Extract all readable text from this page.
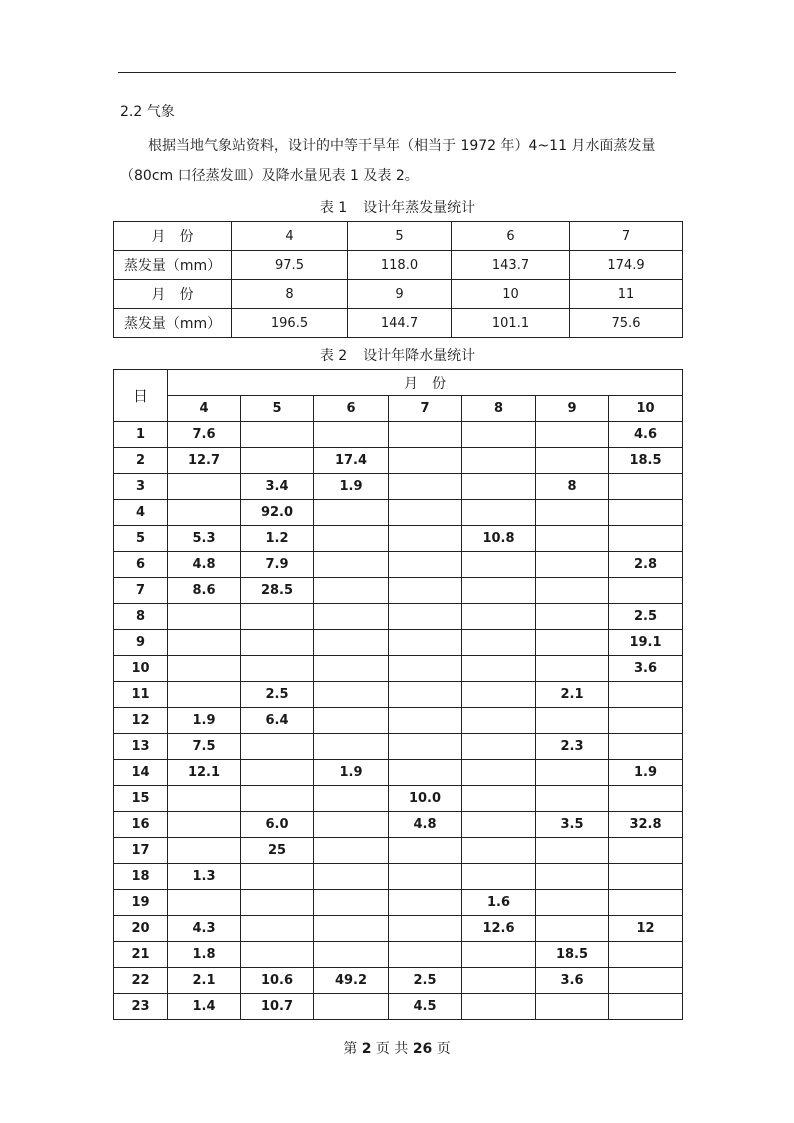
2.2 气象
根据当地气象站资料，设计的中等干旱年（相当于 1972 年）4~11 月水面蒸发量（80cm 口径蒸发皿）及降水量见表 1 及表 2。
表 1 设计年蒸发量统计
月　份	4	5	6	7
蒸发量（mm）	97.5	118.0	143.7	174.9
月　份	8	9	10	11
蒸发量（mm）	196.5	144.7	101.1	75.6
表 2 设计年降水量统计
日	月　份						
	4	5	6	7	8	9	10
1	7.6						4.6
2	12.7		17.4				18.5
3		3.4	1.9			8	
4		92.0					
5	5.3	1.2			10.8		
6	4.8	7.9					2.8
7	8.6	28.5					
8							2.5
9							19.1
10							3.6
11		2.5				2.1	
12	1.9	6.4					
13	7.5					2.3	
14	12.1		1.9				1.9
15				10.0			
16		6.0		4.8		3.5	32.8
17		25					
18	1.3						
19					1.6		
20	4.3				12.6		12
21	1.8					18.5	
22	2.1	10.6	49.2	2.5		3.6	
23	1.4	10.7		4.5			
第 2 页 共 26 页
